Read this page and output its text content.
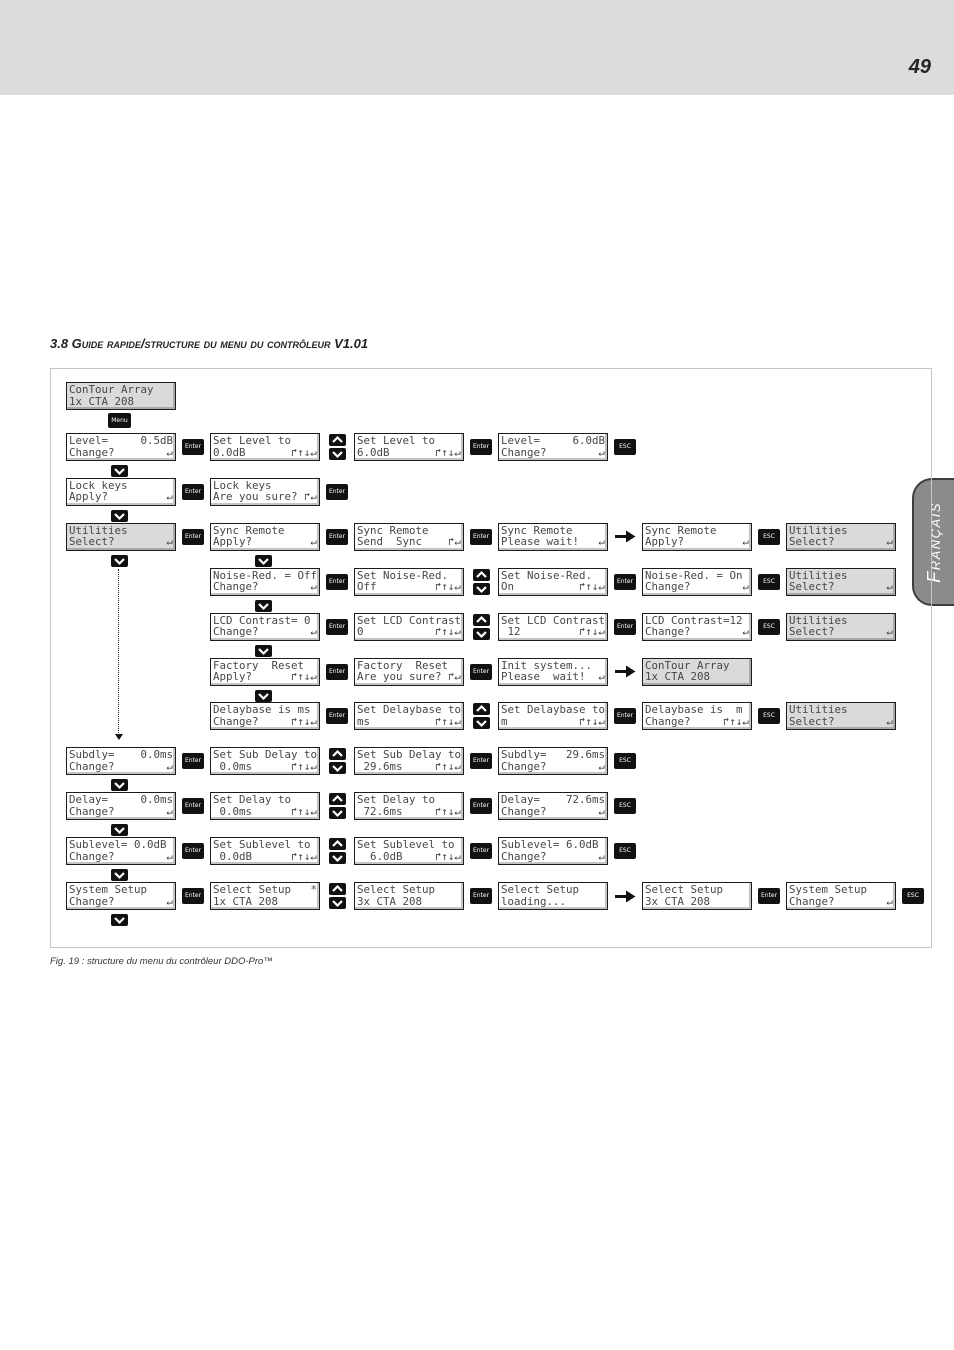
49
3.8 Guide rapide/structure du menu du contrôleur V1.01
Français
ConTour Array
1x CTA 208
Menu
Level=     0.5dB
Change?	↵	Enter Set Level to
0.0dB	↱↑↓↵
Set Level to
6.0dB	↱↑↓↵	Enter Level=     6.0dB
Change?	↵	ESC
Lock keys
Apply?	↵	Enter Lock keys
Are you sure? ↱↵	Enter
Utilities
Select?	↵	Enter Sync Remote
Apply?	↵	Enter Sync Remote
Send  Sync ↱↵	Enter Sync Remote
Please wait! ↵
Sync Remote
Apply?	↵	ESC	Utilities
Select?	↵
Noise-Red. = Off
Change?	↵	Enter Set Noise-Red.
Off	↱↑↓↵
Set Noise-Red.
On	↱↑↓↵	Enter Noise-Red. = On
Change?	↵	ESC	Utilities
Select?	↵
LCD Contrast= 0
Change?	↵	Enter Set LCD Contrast
0	↱↑↓↵
Set LCD Contrast
12	↱↑↓↵	Enter LCD Contrast=12
Change?	↵	ESC	Utilities
Select?	↵
Factory  Reset
Apply?	↱↑↓↵	Enter Factory  Reset
Are you sure? ↱↵	Enter Init system...
Please  wait! ↵
ConTour Array
1x CTA 208
Delaybase is ms
Change?	↱↑↓↵	Enter Set Delaybase to
ms	↱↑↓↵
Set Delaybase to
m	↱↑↓↵	Enter Delaybase is  m
Change?	↱↑↓↵	ESC	Utilities
Select?	↵
Subdly=    0.0ms
Change?	↵	Enter Set Sub Delay to
0.0ms	↱↑↓↵
Set Sub Delay to
29.6ms	↱↑↓↵	Enter Subdly=   29.6ms
Change?	↵	ESC
Delay=     0.0ms
Change?	↵	Enter Set Delay to
0.0ms	↱↑↓↵
Set Delay to
72.6ms	↱↑↓↵	Enter Delay=    72.6ms
Change?	↵	ESC
Sublevel= 0.0dB
Change?	↵	Enter Set Sublevel to
0.0dB	↱↑↓↵
Set Sublevel to
6.0dB	↱↑↓↵	Enter Sublevel= 6.0dB
Change?	↵	ESC
System Setup
Change?	↵	Enter Select Setup *
1x CTA 208
Select Setup
3x CTA 208	Enter Select Setup
loading...
Select Setup
3x CTA 208	Enter System Setup
Change?	↵	ESC
Fig. 19 : structure du menu du contrôleur DDO-Pro™
